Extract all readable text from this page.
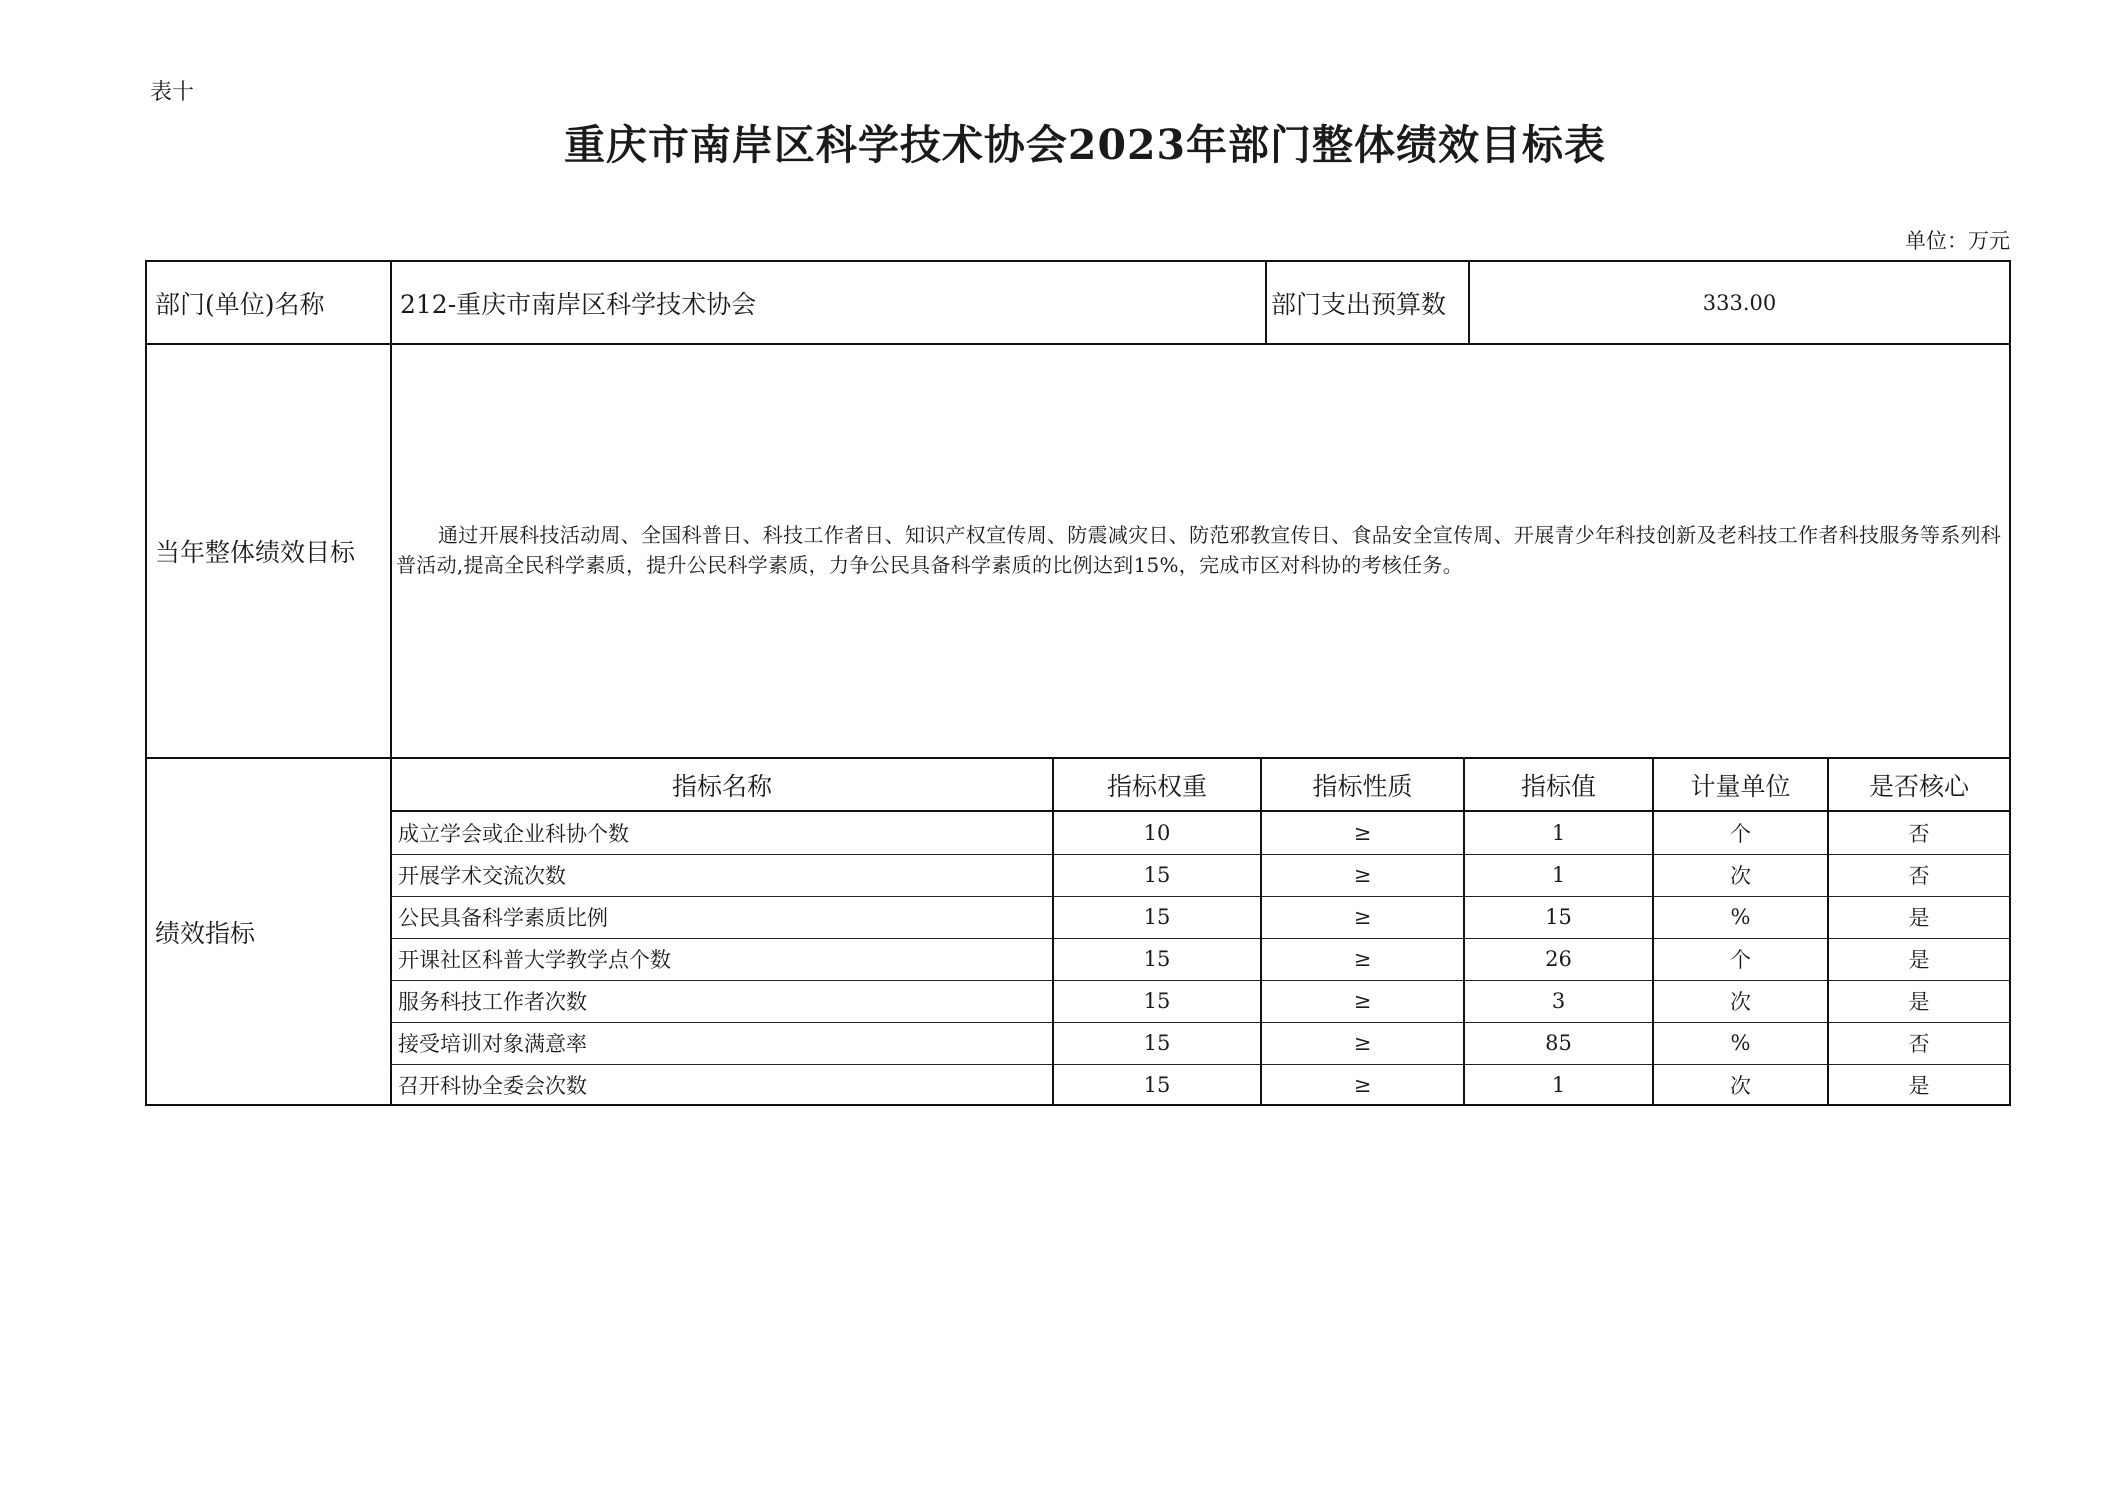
表十
重庆市南岸区科学技术协会2023年部门整体绩效目标表
单位：万元
部门(单位)名称	212-重庆市南岸区科学技术协会	部门支出预算数	333.00
当年整体绩效目标
通过开展科技活动周、全国科普日、科技工作者日、知识产权宣传周、防震减灾日、防范邪教宣传日、食品安全宣传周、开展青少年科技创新及老科技工作者科技服务等系列科普活动,提高全民科学素质，提升公民科学素质，力争公民具备科学素质的比例达到15%，完成市区对科协的考核任务。
绩效指标
指标名称	指标权重	指标性质	指标值	计量单位	是否核心
成立学会或企业科协个数	10	≥	1	个	否
开展学术交流次数	15	≥	1	次	否
公民具备科学素质比例	15	≥	15	%	是
开课社区科普大学教学点个数	15	≥	26	个	是
服务科技工作者次数	15	≥	3	次	是
接受培训对象满意率	15	≥	85	%	否
召开科协全委会次数	15	≥	1	次	是
